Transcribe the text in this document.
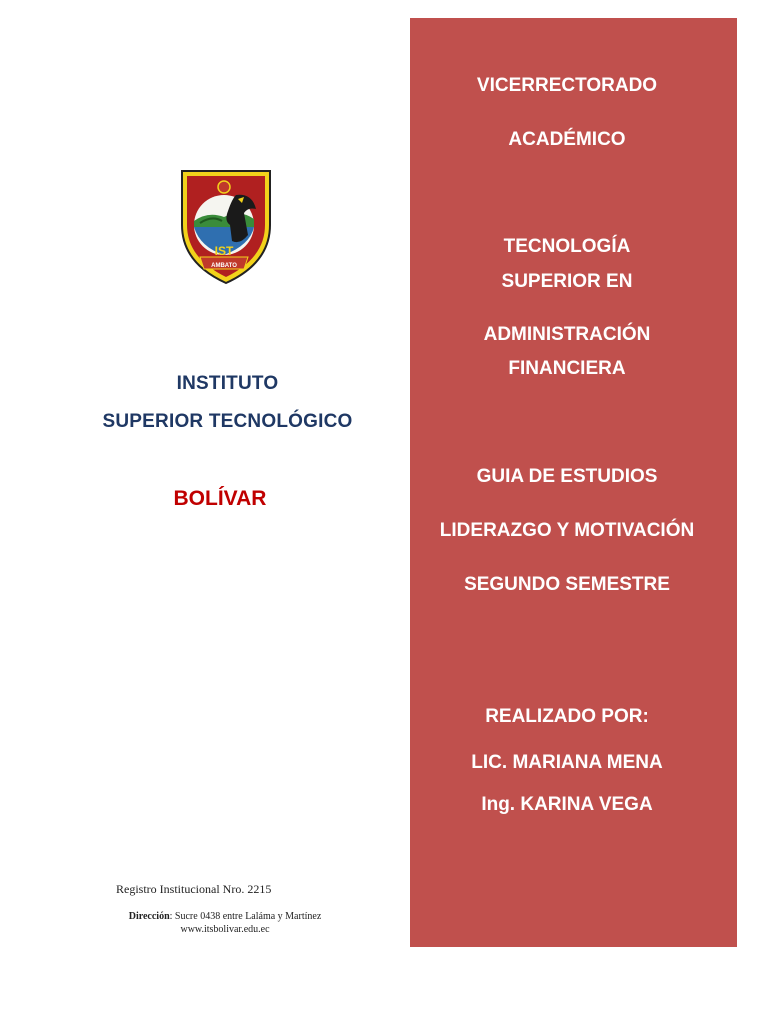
IST
AMBATO
INSTITUTO
SUPERIOR TECNOLÓGICO
BOLÍVAR
Registro Institucional Nro. 2215
Dirección: Sucre 0438 entre Laláma y Martínez
www.itsbolivar.edu.ec
VICERRECTORADO
ACADÉMICO
TECNOLOGÍA
SUPERIOR EN
ADMINISTRACIÓN
FINANCIERA
GUIA DE ESTUDIOS
LIDERAZGO Y MOTIVACIÓN
SEGUNDO SEMESTRE
REALIZADO POR:
LIC. MARIANA MENA
Ing. KARINA VEGA
